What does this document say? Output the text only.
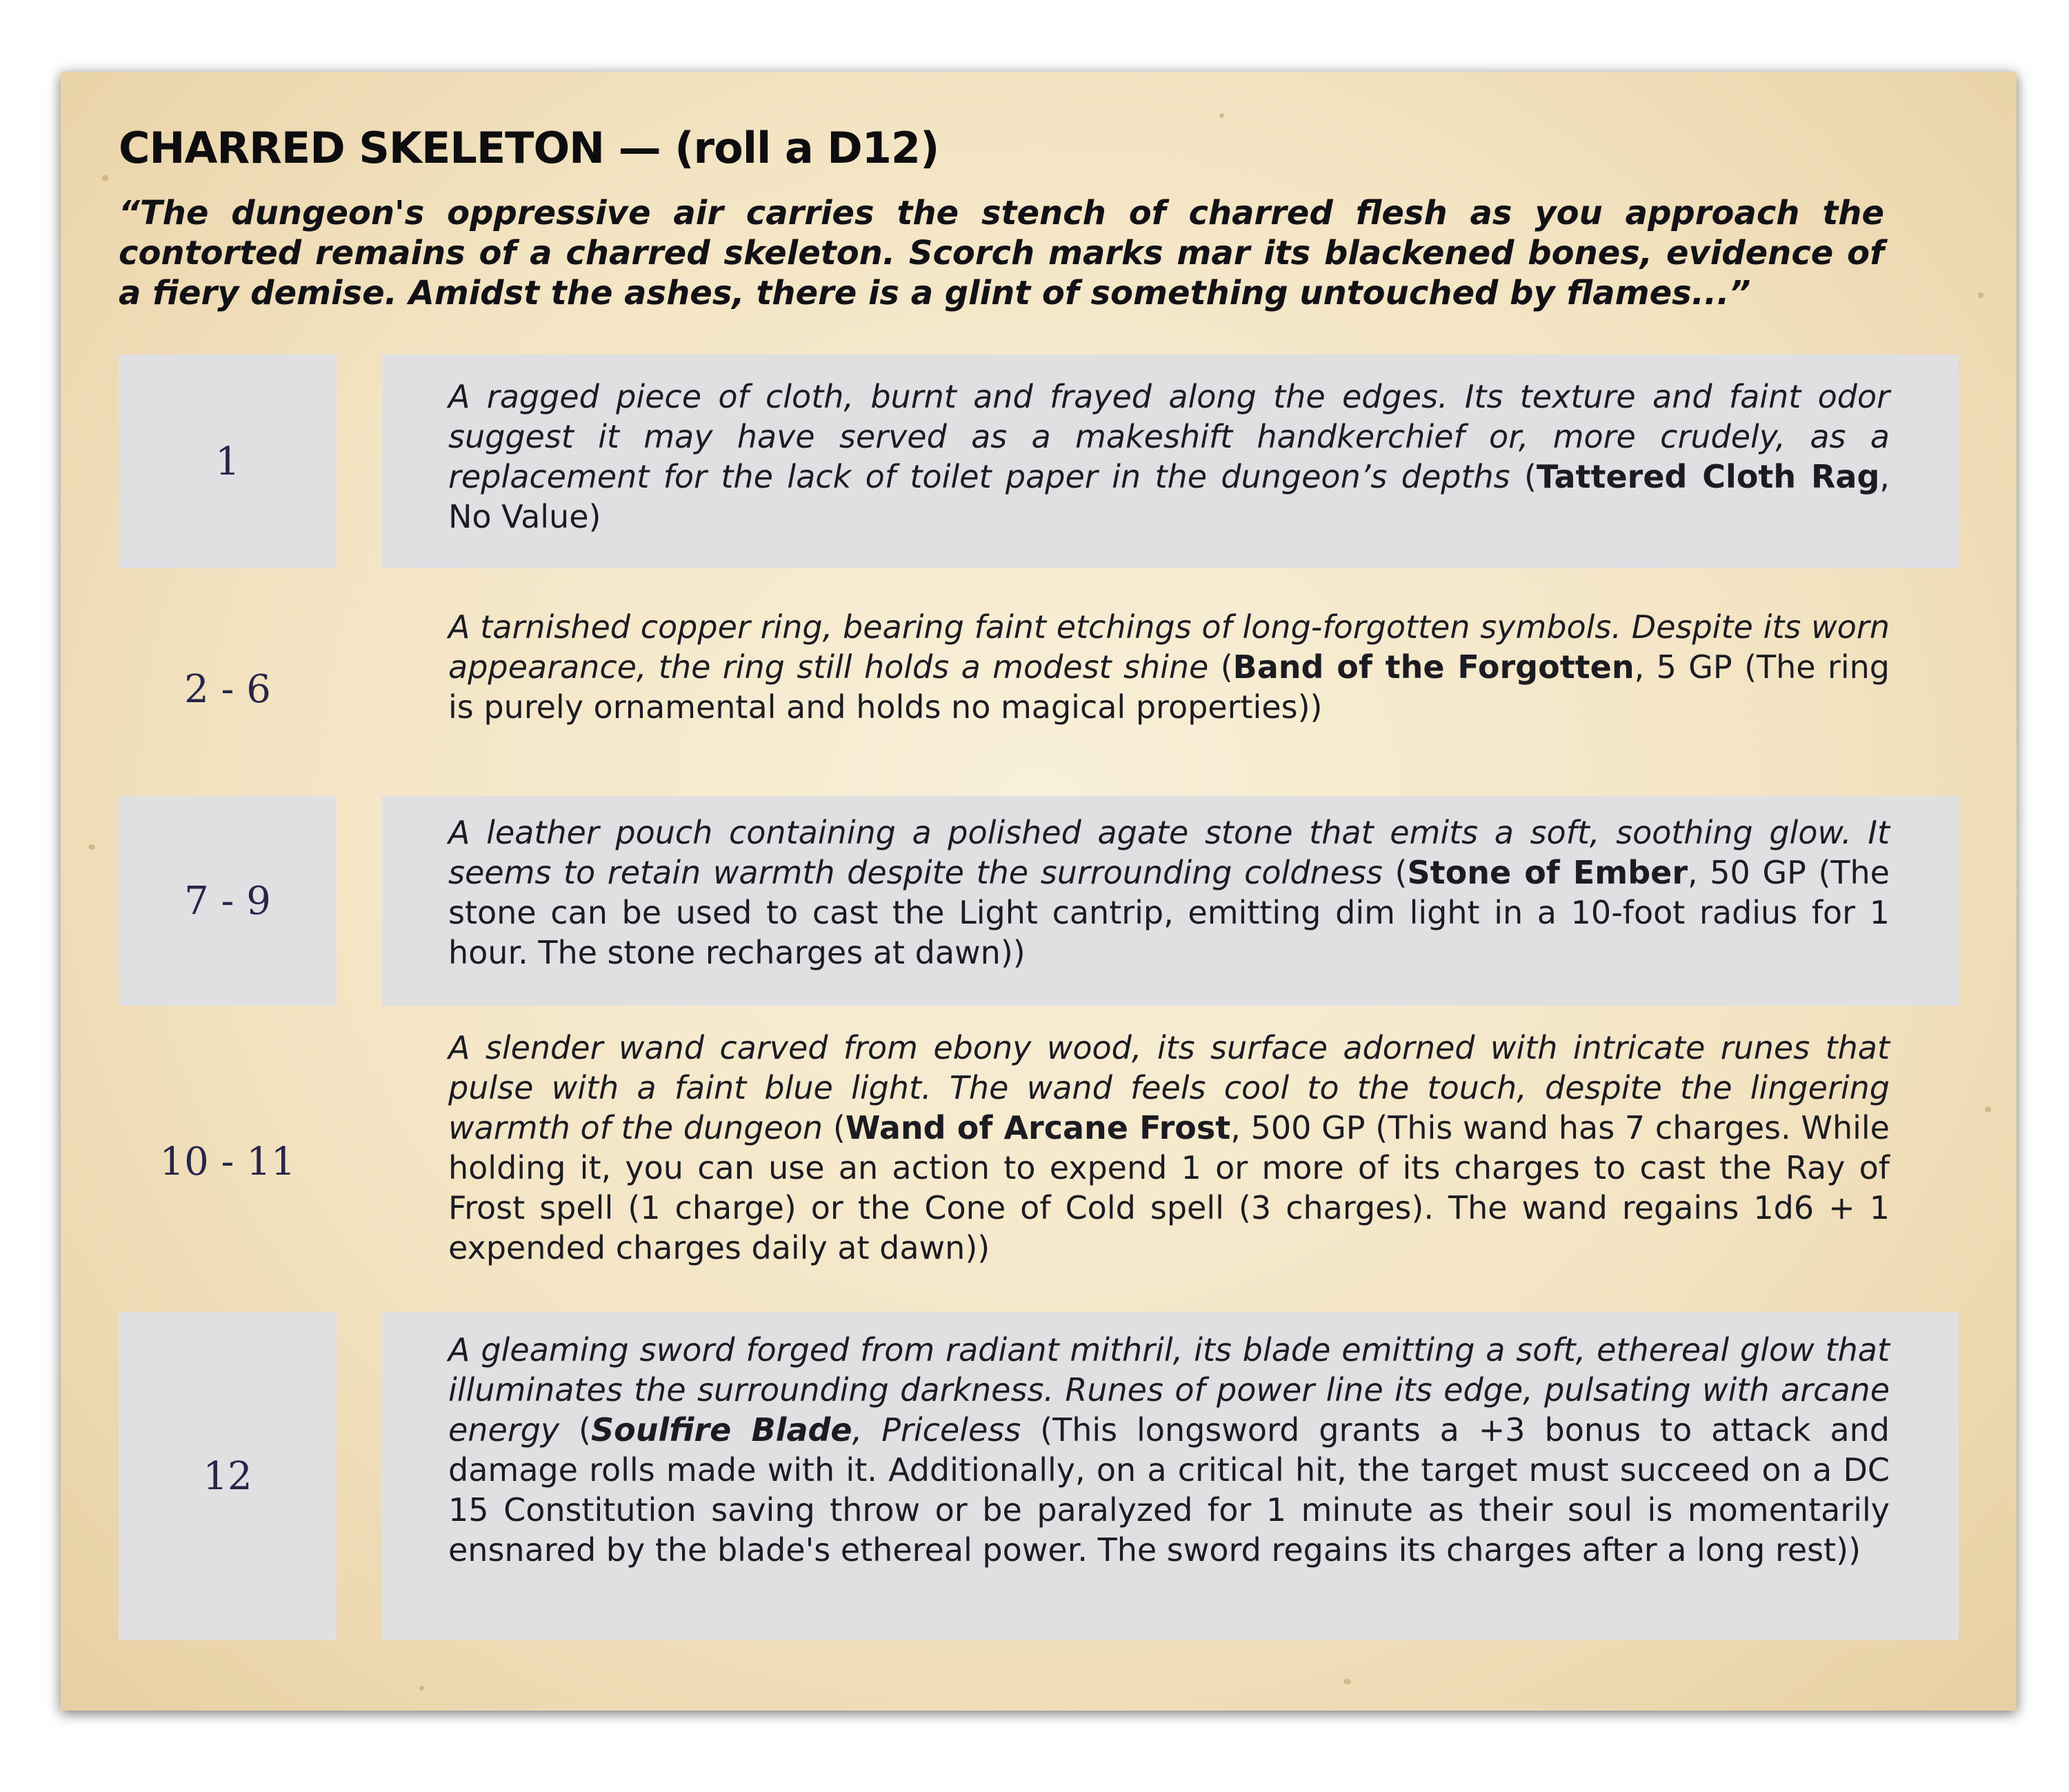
CHARRED SKELETON — (roll a D12)

“The dungeon's oppressive air carries the stench of charred flesh as you approach the contorted remains of a charred skeleton. Scorch marks mar its blackened bones, evidence of a fiery demise. Amidst the ashes, there is a glint of something untouched by flames...”

1

A ragged piece of cloth, burnt and frayed along the edges. Its texture and faint odor suggest it may have served as a makeshift handkerchief or, more crudely, as a replacement for the lack of toilet paper in the dungeon’s depths (Tattered Cloth Rag, No Value)

2 - 6

A tarnished copper ring, bearing faint etchings of long-forgotten symbols. Despite its worn appearance, the ring still holds a modest shine (Band of the Forgotten, 5 GP (The ring is purely ornamental and holds no magical properties))

7 - 9

A leather pouch containing a polished agate stone that emits a soft, soothing glow. It seems to retain warmth despite the surrounding coldness (Stone of Ember, 50 GP (The stone can be used to cast the Light cantrip, emitting dim light in a 10-foot radius for 1 hour. The stone recharges at dawn))

10 - 11

A slender wand carved from ebony wood, its surface adorned with intricate runes that pulse with a faint blue light. The wand feels cool to the touch, despite the lingering warmth of the dungeon (Wand of Arcane Frost, 500 GP (This wand has 7 charges. While holding it, you can use an action to expend 1 or more of its charges to cast the Ray of Frost spell (1 charge) or the Cone of Cold spell (3 charges). The wand regains 1d6 + 1 expended charges daily at dawn))

12

A gleaming sword forged from radiant mithril, its blade emitting a soft, ethereal glow that illuminates the surrounding darkness. Runes of power line its edge, pulsating with arcane energy (Soulfire Blade, Priceless (This longsword grants a +3 bonus to attack and damage rolls made with it. Additionally, on a critical hit, the target must succeed on a DC 15 Constitution saving throw or be paralyzed for 1 minute as their soul is momentarily ensnared by the blade's ethereal power. The sword regains its charges after a long rest))
